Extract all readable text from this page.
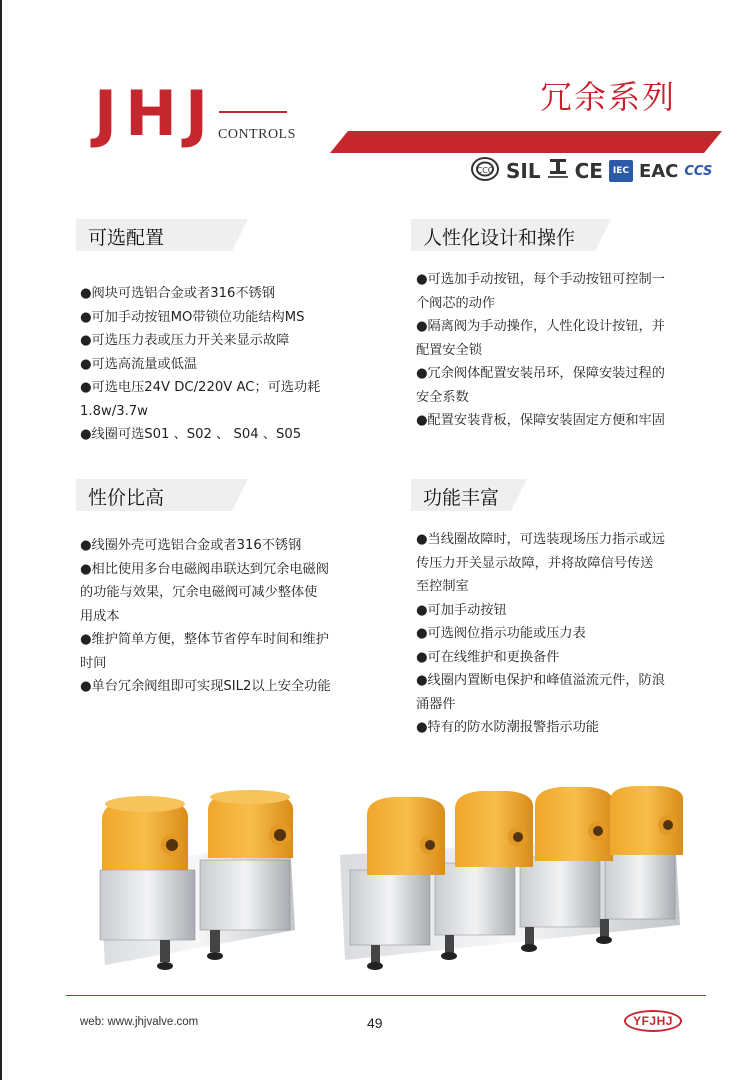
JHJ CONTROLS
冗余系列
CCC SIL CE	IEC EAC CCS
可选配置
●阀块可选铝合金或者316不锈钢
●可加手动按钮MO带锁位功能结构MS
●可选压力表或压力开关来显示故障
●可选高流量或低温
●可选电压24V DC/220V AC；可选功耗
1.8w/3.7w
●线圈可选S01 、S02 、 S04 、S05
人性化设计和操作
●可选加手动按钮，每个手动按钮可控制一
个阀芯的动作
●隔离阀为手动操作，人性化设计按钮，并
配置安全锁
●冗余阀体配置安装吊环，保障安装过程的
安全系数
●配置安装背板，保障安装固定方便和牢固
性价比高
●线圈外壳可选铝合金或者316不锈钢
●相比使用多台电磁阀串联达到冗余电磁阀
的功能与效果，冗余电磁阀可减少整体使
用成本
●维护简单方便，整体节省停车时间和维护
时间
●单台冗余阀组即可实现SIL2以上安全功能
功能丰富
●当线圈故障时，可选装现场压力指示或远
传压力开关显示故障，并将故障信号传送
至控制室
●可加手动按钮
●可选阀位指示功能或压力表
●可在线维护和更换备件
●线圈内置断电保护和峰值溢流元件，防浪
涌器件
●特有的防水防潮报警指示功能
web: www.jhjvalve.com	49	YFJHJ
